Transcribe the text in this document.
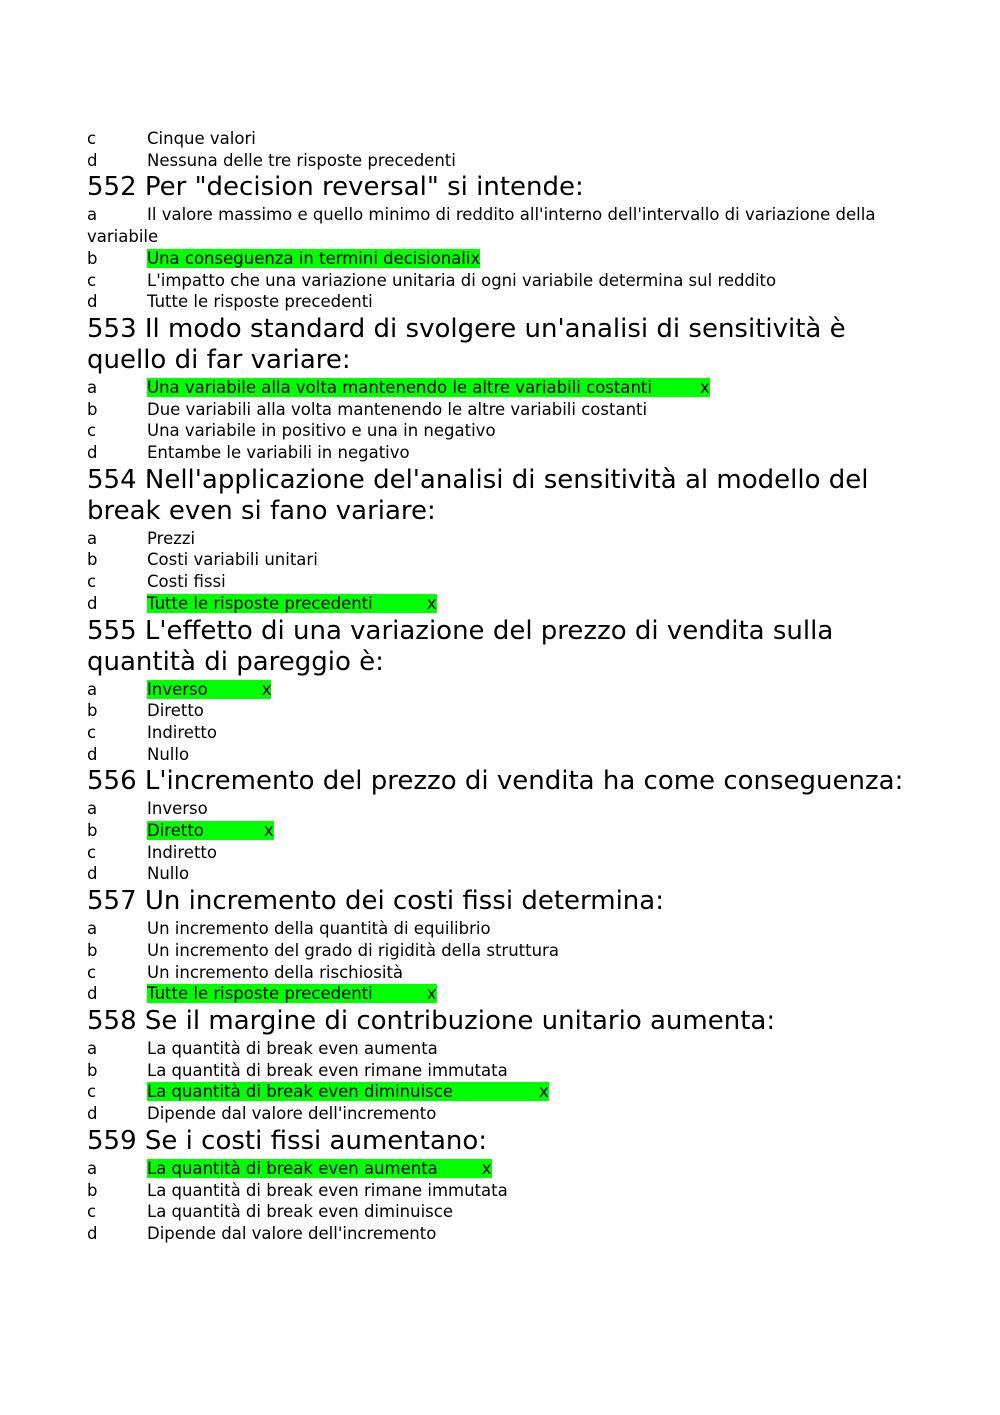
c	Cinque valori
d	Nessuna delle tre risposte precedenti
552 Per "decision reversal" si intende:
a	Il valore massimo e quello minimo di reddito all'interno dell'intervallo di variazione della variabile
b	Una conseguenza in termini decisionalix
c	L'impatto che una variazione unitaria di ogni variabile determina sul reddito
d	Tutte le risposte precedenti
553 Il modo standard di svolgere un'analisi di sensitività è quello di far variare:
a	Una variabile alla volta mantenendo le altre variabili costanti	x
b	Due variabili alla volta mantenendo le altre variabili costanti
c	Una variabile in positivo e una in negativo
d	Entambe le variabili in negativo
554 Nell'applicazione del'analisi di sensitività al modello del break even si fano variare:
a	Prezzi
b	Costi variabili unitari
c	Costi fissi
d	Tutte le risposte precedenti	x
555 L'effetto di una variazione del prezzo di vendita sulla quantità di pareggio è:
a	Inverso	x
b	Diretto
c	Indiretto
d	Nullo
556 L'incremento del prezzo di vendita ha come conseguenza:
a	Inverso
b	Diretto	x
c	Indiretto
d	Nullo
557 Un incremento dei costi fissi determina:
a	Un incremento della quantità di equilibrio
b	Un incremento del grado di rigidità della struttura
c	Un incremento della rischiosità
d	Tutte le risposte precedenti	x
558 Se il margine di contribuzione unitario aumenta:
a	La quantità di break even aumenta
b	La quantità di break even rimane immutata
c	La quantità di break even diminuisce	x
d	Dipende dal valore dell'incremento
559 Se i costi fissi aumentano:
a	La quantità di break even aumenta	x
b	La quantità di break even rimane immutata
c	La quantità di break even diminuisce
d	Dipende dal valore dell'incremento
